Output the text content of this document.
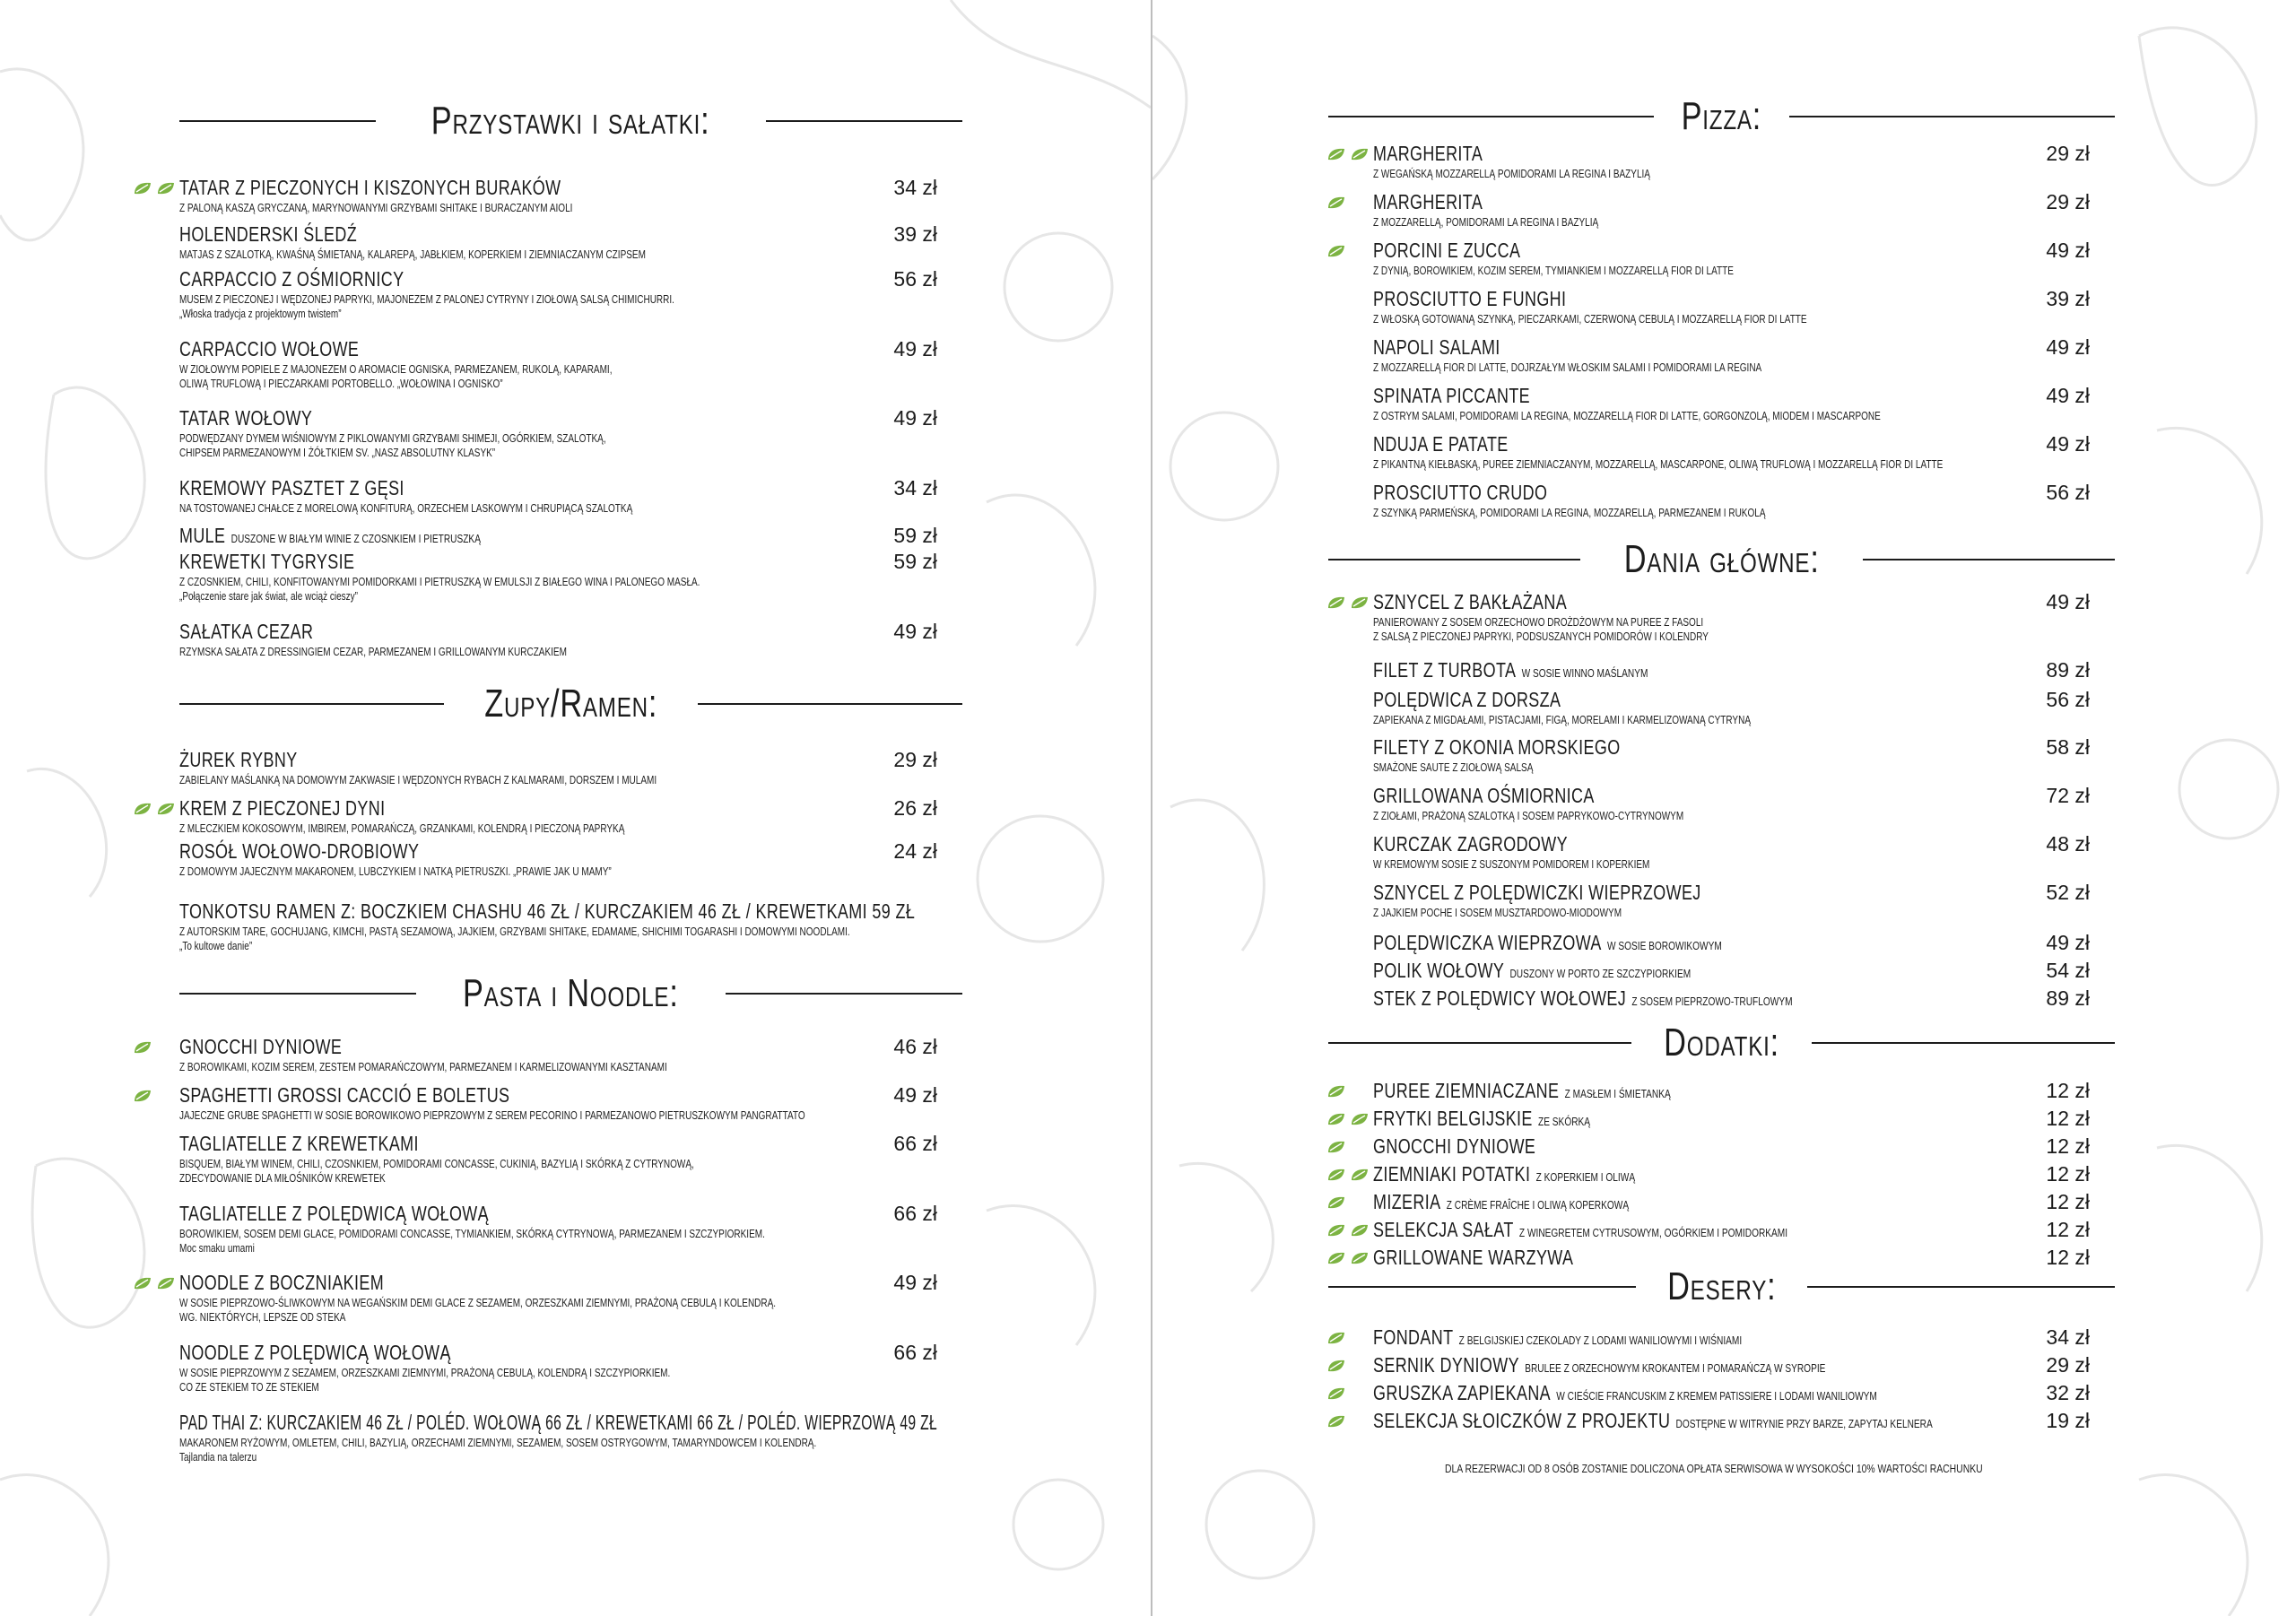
Przystawki i sałatki:
TATAR Z PIECZONYCH I KISZONYCH BURAKÓW	34 zł
Z PALONĄ KASZĄ GRYCZANĄ, MARYNOWANYMI GRZYBAMI SHITAKE I BURACZANYM AIOLI
HOLENDERSKI ŚLEDŹ	39 zł
MATJAS Z SZALOTKĄ, KWAŚNĄ ŚMIETANĄ, KALAREPĄ, JABŁKIEM, KOPERKIEM I ZIEMNIACZANYM CZIPSEM
CARPACCIO Z OŚMIORNICY	56 zł
MUSEM Z PIECZONEJ I WĘDZONEJ PAPRYKI, MAJONEZEM Z PALONEJ CYTRYNY I ZIOŁOWĄ SALSĄ CHIMICHURRI.
„Włoska tradycja z projektowym twistem”
CARPACCIO WOŁOWE	49 zł
W ZIOŁOWYM POPIELE Z MAJONEZEM O AROMACIE OGNISKA, PARMEZANEM, RUKOLĄ, KAPARAMI,
OLIWĄ TRUFLOWĄ I PIECZARKAMI PORTOBELLO. „WOŁOWINA I OGNISKO”
TATAR WOŁOWY	49 zł
PODWĘDZANY DYMEM WIŚNIOWYM Z PIKLOWANYMI GRZYBAMI SHIMEJI, OGÓRKIEM, SZALOTKĄ,
CHIPSEM PARMEZANOWYM I ŻÓŁTKIEM SV. „NASZ ABSOLUTNY KLASYK”
KREMOWY PASZTET Z GĘSI	34 zł
NA TOSTOWANEJ CHAŁCE Z MORELOWĄ KONFITURĄ, ORZECHEM LASKOWYM I CHRUPIĄCĄ SZALOTKĄ
MULE DUSZONE W BIAŁYM WINIE Z CZOSNKIEM I PIETRUSZKĄ	59 zł
KREWETKI TYGRYSIE	59 zł
Z CZOSNKIEM, CHILI, KONFITOWANYMI POMIDORKAMI I PIETRUSZKĄ W EMULSJI Z BIAŁEGO WINA I PALONEGO MASŁA.
„Połączenie stare jak świat, ale wciąż cieszy”
SAŁATKA CEZAR	49 zł
RZYMSKA SAŁATA Z DRESSINGIEM CEZAR, PARMEZANEM I GRILLOWANYM KURCZAKIEM
Zupy/Ramen:
ŻUREK RYBNY	29 zł
ZABIELANY MAŚLANKĄ NA DOMOWYM ZAKWASIE I WĘDZONYCH RYBACH Z KALMARAMI, DORSZEM I MULAMI
KREM Z PIECZONEJ DYNI	26 zł
Z MLECZKIEM KOKOSOWYM, IMBIREM, POMARAŃCZĄ, GRZANKAMI, KOLENDRĄ I PIECZONĄ PAPRYKĄ
ROSÓŁ WOŁOWO-DROBIOWY	24 zł
Z DOMOWYM JAJECZNYM MAKARONEM, LUBCZYKIEM I NATKĄ PIETRUSZKI. „PRAWIE JAK U MAMY”
TONKOTSU RAMEN Z: BOCZKIEM CHASHU 46 ZŁ / KURCZAKIEM 46 ZŁ / KREWETKAMI 59 ZŁ
Z AUTORSKIM TARE, GOCHUJANG, KIMCHI, PASTĄ SEZAMOWĄ, JAJKIEM, GRZYBAMI SHITAKE, EDAMAME, SHICHIMI TOGARASHI I DOMOWYMI NOODLAMI.
„To kultowe danie”
Pasta i Noodle:
GNOCCHI DYNIOWE	46 zł
Z BOROWIKAMI, KOZIM SEREM, ZESTEM POMARAŃCZOWYM, PARMEZANEM I KARMELIZOWANYMI KASZTANAMI
SPAGHETTI GROSSI CACCIÓ E BOLETUS	49 zł
JAJECZNE GRUBE SPAGHETTI W SOSIE BOROWIKOWO PIEPRZOWYM Z SEREM PECORINO I PARMEZANOWO PIETRUSZKOWYM PANGRATTATO
TAGLIATELLE Z KREWETKAMI	66 zł
BISQUEM, BIAŁYM WINEM, CHILI, CZOSNKIEM, POMIDORAMI CONCASSE, CUKINIĄ, BAZYLIĄ I SKÓRKĄ Z CYTRYNOWĄ,
ZDECYDOWANIE DLA MIŁOŚNIKÓW KREWETEK
TAGLIATELLE Z POLĘDWICĄ WOŁOWĄ	66 zł
BOROWIKIEM, SOSEM DEMI GLACE, POMIDORAMI CONCASSE, TYMIANKIEM, SKÓRKĄ CYTRYNOWĄ, PARMEZANEM I SZCZYPIORKIEM.
Moc smaku umami
NOODLE Z BOCZNIAKIEM	49 zł
W SOSIE PIEPRZOWO-ŚLIWKOWYM NA WEGAŃSKIM DEMI GLACE Z SEZAMEM, ORZESZKAMI ZIEMNYMI, PRAŻONĄ CEBULĄ I KOLENDRĄ.
WG. NIEKTÓRYCH, LEPSZE OD STEKA
NOODLE Z POLĘDWICĄ WOŁOWĄ	66 zł
W SOSIE PIEPRZOWYM Z SEZAMEM, ORZESZKAMI ZIEMNYMI, PRAŻONĄ CEBULĄ, KOLENDRĄ I SZCZYPIORKIEM.
CO ZE STEKIEM TO ZE STEKIEM
PAD THAI Z: KURCZAKIEM 46 ZŁ / POLÉD. WOŁOWĄ 66 ZŁ / KREWETKAMI 66 ZŁ / POLÉD. WIEPRZOWĄ 49 ZŁ
MAKARONEM RYŻOWYM, OMLETEM, CHILI, BAZYLIĄ, ORZECHAMI ZIEMNYMI, SEZAMEM, SOSEM OSTRYGOWYM, TAMARYNDOWCEM I KOLENDRĄ.
Tajlandia na talerzu
Pizza:
MARGHERITA	29 zł
Z WEGAŃSKĄ MOZZARELLĄ POMIDORAMI LA REGINA I BAZYLIĄ
MARGHERITA	29 zł
Z MOZZARELLĄ, POMIDORAMI LA REGINA I BAZYLIĄ
PORCINI E ZUCCA	49 zł
Z DYNIĄ, BOROWIKIEM, KOZIM SEREM, TYMIANKIEM I MOZZARELLĄ FIOR DI LATTE
PROSCIUTTO E FUNGHI	39 zł
Z WŁOSKĄ GOTOWANĄ SZYNKĄ, PIECZARKAMI, CZERWONĄ CEBULĄ I MOZZARELLĄ FIOR DI LATTE
NAPOLI SALAMI	49 zł
Z MOZZARELLĄ FIOR DI LATTE, DOJRZAŁYM WŁOSKIM SALAMI I POMIDORAMI LA REGINA
SPINATA PICCANTE	49 zł
Z OSTRYM SALAMI, POMIDORAMI LA REGINA, MOZZARELLĄ FIOR DI LATTE, GORGONZOLĄ, MIODEM I MASCARPONE
NDUJA E PATATE	49 zł
Z PIKANTNĄ KIEŁBASKĄ, PUREE ZIEMNIACZANYM, MOZZARELLĄ, MASCARPONE, OLIWĄ TRUFLOWĄ I MOZZARELLĄ FIOR DI LATTE
PROSCIUTTO CRUDO	56 zł
Z SZYNKĄ PARMEŃSKĄ, POMIDORAMI LA REGINA, MOZZARELLĄ, PARMEZANEM I RUKOLĄ
Dania główne:
SZNYCEL Z BAKŁAŻANA	49 zł
PANIEROWANY Z SOSEM ORZECHOWO DROŻDŻOWYM NA PUREE Z FASOLI
Z SALSĄ Z PIECZONEJ PAPRYKI, PODSUSZANYCH POMIDORÓW I KOLENDRY
FILET Z TURBOTA W SOSIE WINNO MAŚLANYM	89 zł
POLĘDWICA Z DORSZA	56 zł
ZAPIEKANA Z MIGDAŁAMI, PISTACJAMI, FIGĄ, MORELAMI I KARMELIZOWANĄ CYTRYNĄ
FILETY Z OKONIA MORSKIEGO	58 zł
SMAŻONE SAUTE Z ZIOŁOWĄ SALSĄ
GRILLOWANA OŚMIORNICA	72 zł
Z ZIOŁAMI, PRAŻONĄ SZALOTKĄ I SOSEM PAPRYKOWO-CYTRYNOWYM
KURCZAK ZAGRODOWY	48 zł
W KREMOWYM SOSIE Z SUSZONYM POMIDOREM I KOPERKIEM
SZNYCEL Z POLĘDWICZKI WIEPRZOWEJ	52 zł
Z JAJKIEM POCHE I SOSEM MUSZTARDOWO-MIODOWYM
POLĘDWICZKA WIEPRZOWA W SOSIE BOROWIKOWYM	49 zł
POLIK WOŁOWY DUSZONY W PORTO ZE SZCZYPIORKIEM	54 zł
STEK Z POLĘDWICY WOŁOWEJ Z SOSEM PIEPRZOWO-TRUFLOWYM	89 zł
Dodatki:
PUREE ZIEMNIACZANE Z MASŁEM I ŚMIETANKĄ	12 zł
FRYTKI BELGIJSKIE ZE SKÓRKĄ	12 zł
GNOCCHI DYNIOWE	12 zł
ZIEMNIAKI POTATKI Z KOPERKIEM I OLIWĄ	12 zł
MIZERIA Z CRÈME FRAÎCHE I OLIWĄ KOPERKOWĄ	12 zł
SELEKCJA SAŁAT Z WINEGRETEM CYTRUSOWYM, OGÓRKIEM I POMIDORKAMI	12 zł
GRILLOWANE WARZYWA	12 zł
Desery:
FONDANT Z BELGIJSKIEJ CZEKOLADY Z LODAMI WANILIOWYMI I WIŚNIAMI	34 zł
SERNIK DYNIOWY BRULEE Z ORZECHOWYM KROKANTEM I POMARAŃCZĄ W SYROPIE	29 zł
GRUSZKA ZAPIEKANA W CIEŚCIE FRANCUSKIM Z KREMEM PATISSIERE I LODAMI WANILIOWYM	32 zł
SELEKCJA SŁOICZKÓW Z PROJEKTU DOSTĘPNE W WITRYNIE PRZY BARZE, ZAPYTAJ KELNERA	19 zł
DLA REZERWACJI OD 8 OSÓB ZOSTANIE DOLICZONA OPŁATA SERWISOWA W WYSOKOŚCI 10% WARTOŚCI RACHUNKU
